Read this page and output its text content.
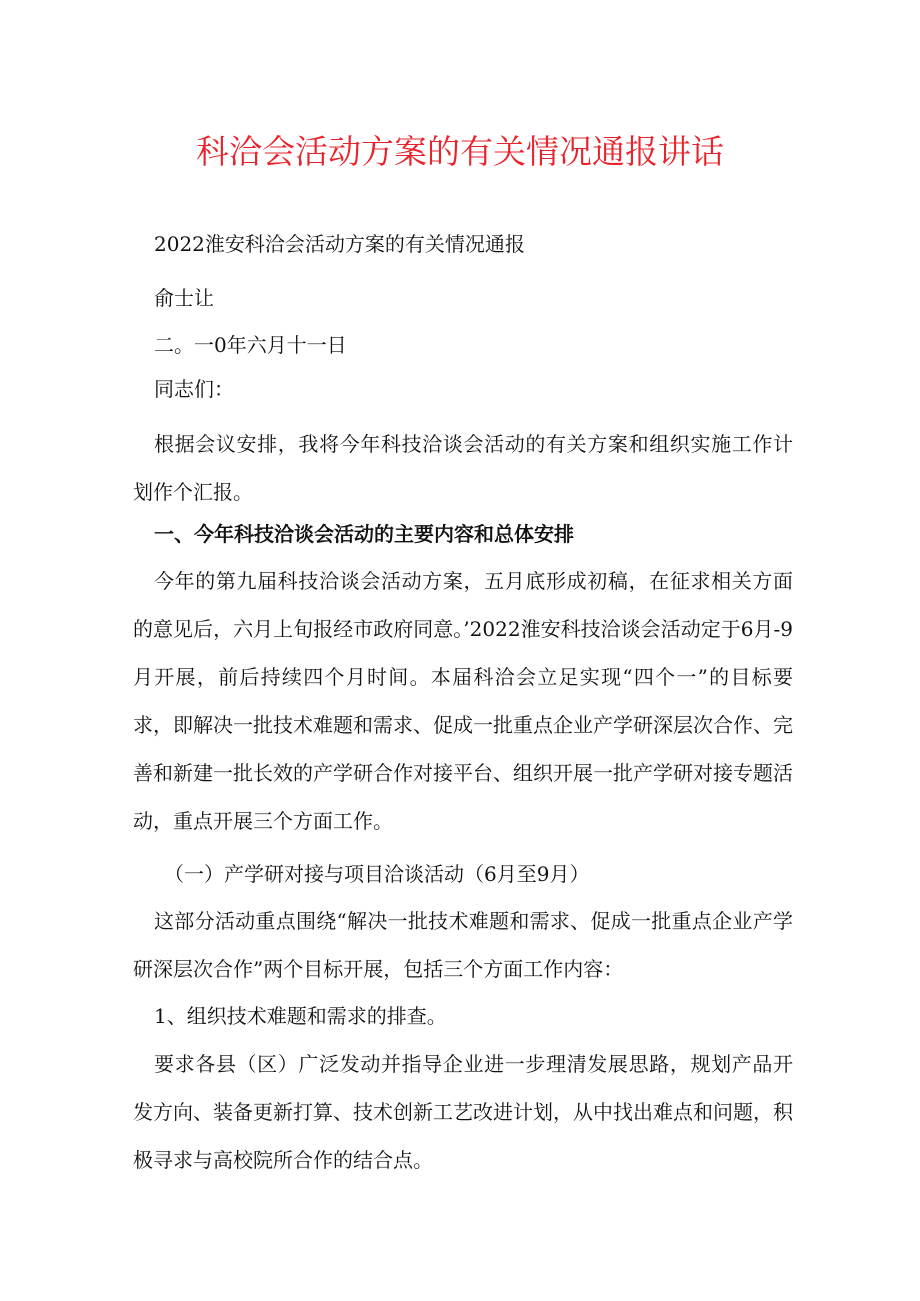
科洽会活动方案的有关情况通报讲话

2022淮安科洽会活动方案的有关情况通报

俞士让

二。一0年六月十一日

同志们：

根据会议安排，我将今年科技洽谈会活动的有关方案和组织实施工作计划作个汇报。

一、今年科技洽谈会活动的主要内容和总体安排

今年的第九届科技洽谈会活动方案，五月底形成初稿，在征求相关方面的意见后，六月上旬报经市政府同意。’2022淮安科技洽谈会活动定于6月-9月开展，前后持续四个月时间。本届科洽会立足实现“四个一”的目标要求，即解决一批技术难题和需求、促成一批重点企业产学研深层次合作、完善和新建一批长效的产学研合作对接平台、组织开展一批产学研对接专题活动，重点开展三个方面工作。

（一）产学研对接与项目洽谈活动（6月至9月）

这部分活动重点围绕“解决一批技术难题和需求、促成一批重点企业产学研深层次合作”两个目标开展，包括三个方面工作内容：

1、组织技术难题和需求的排查。

要求各县（区）广泛发动并指导企业进一步理清发展思路，规划产品开发方向、装备更新打算、技术创新工艺改进计划，从中找出难点和问题，积极寻求与高校院所合作的结合点。
